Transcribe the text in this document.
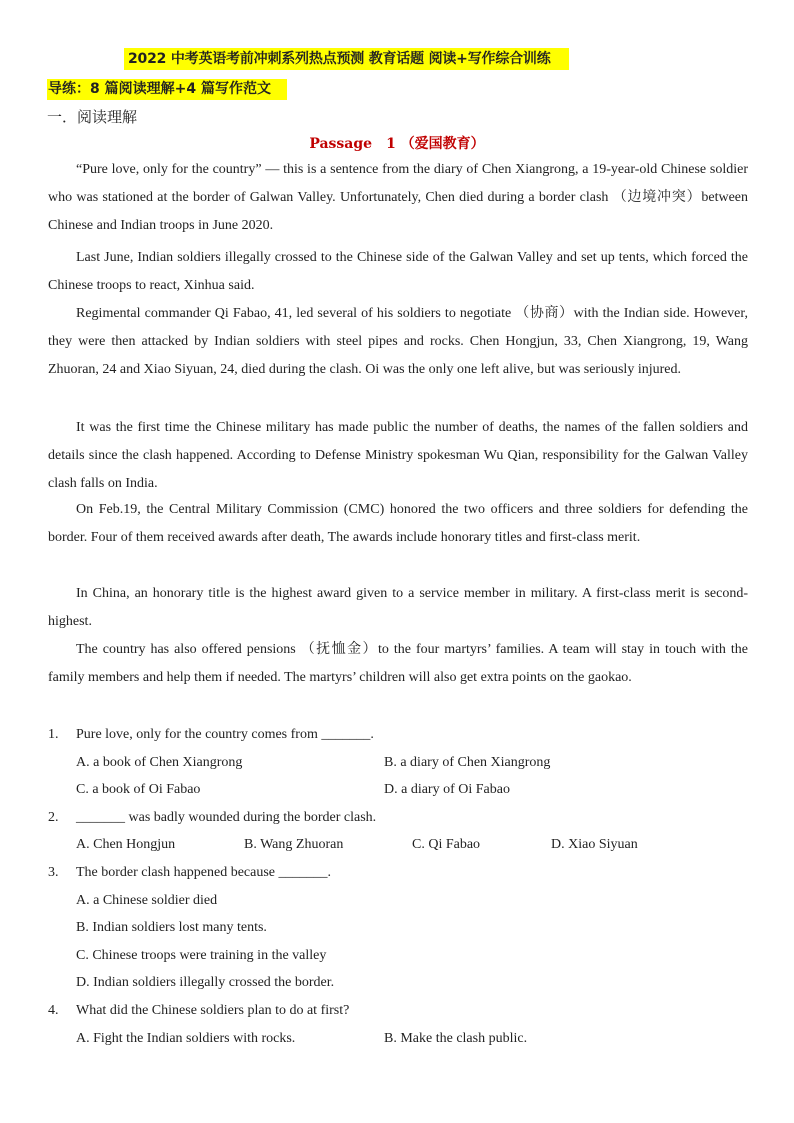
2022 中考英语考前冲刺系列热点预测 教育话题 阅读+写作综合训练
导练：8 篇阅读理解+4 篇写作范文
一．阅读理解
Passage　1 （爱国教育）

“Pure love, only for the country” — this is a sentence from the diary of Chen Xiangrong, a 19-year-old Chinese soldier who was stationed at the border of Galwan Valley. Unfortunately, Chen died during a border clash （边境冲突）between Chinese and Indian troops in June 2020.

Last June, Indian soldiers illegally crossed to the Chinese side of the Galwan Valley and set up tents, which forced the Chinese troops to react, Xinhua said.

Regimental commander Qi Fabao, 41, led several of his soldiers to negotiate （协商）with the Indian side. However, they were then attacked by Indian soldiers with steel pipes and rocks. Chen Hongjun, 33, Chen Xiangrong, 19, Wang Zhuoran, 24 and Xiao Siyuan, 24, died during the clash. Oi was the only one left alive, but was seriously injured.

It was the first time the Chinese military has made public the number of deaths, the names of the fallen soldiers and details since the clash happened. According to Defense Ministry spokesman Wu Qian, responsibility for the Galwan Valley clash falls on India.

On Feb.19, the Central Military Commission (CMC) honored the two officers and three soldiers for defending the border. Four of them received awards after death, The awards include honorary titles and first-class merit.

In China, an honorary title is the highest award given to a service member in military. A first-class merit is second-highest.

The country has also offered pensions （抚恤金）to the four martyrs’ families. A team will stay in touch with the family members and help them if needed. The martyrs’ children will also get extra points on the gaokao.

1.	Pure love, only for the country comes from _______.
A. a book of Chen Xiangrong	B. a diary of Chen Xiangrong
C. a book of Oi Fabao	D. a diary of Oi Fabao
2.	_______ was badly wounded during the border clash.
A. Chen Hongjun	B. Wang Zhuoran	C. Qi Fabao	D. Xiao Siyuan
3.	The border clash happened because _______.
A. a Chinese soldier died
B. Indian soldiers lost many tents.
C. Chinese troops were training in the valley
D. Indian soldiers illegally crossed the border.
4.	What did the Chinese soldiers plan to do at first?
A. Fight the Indian soldiers with rocks.	B. Make the clash public.
